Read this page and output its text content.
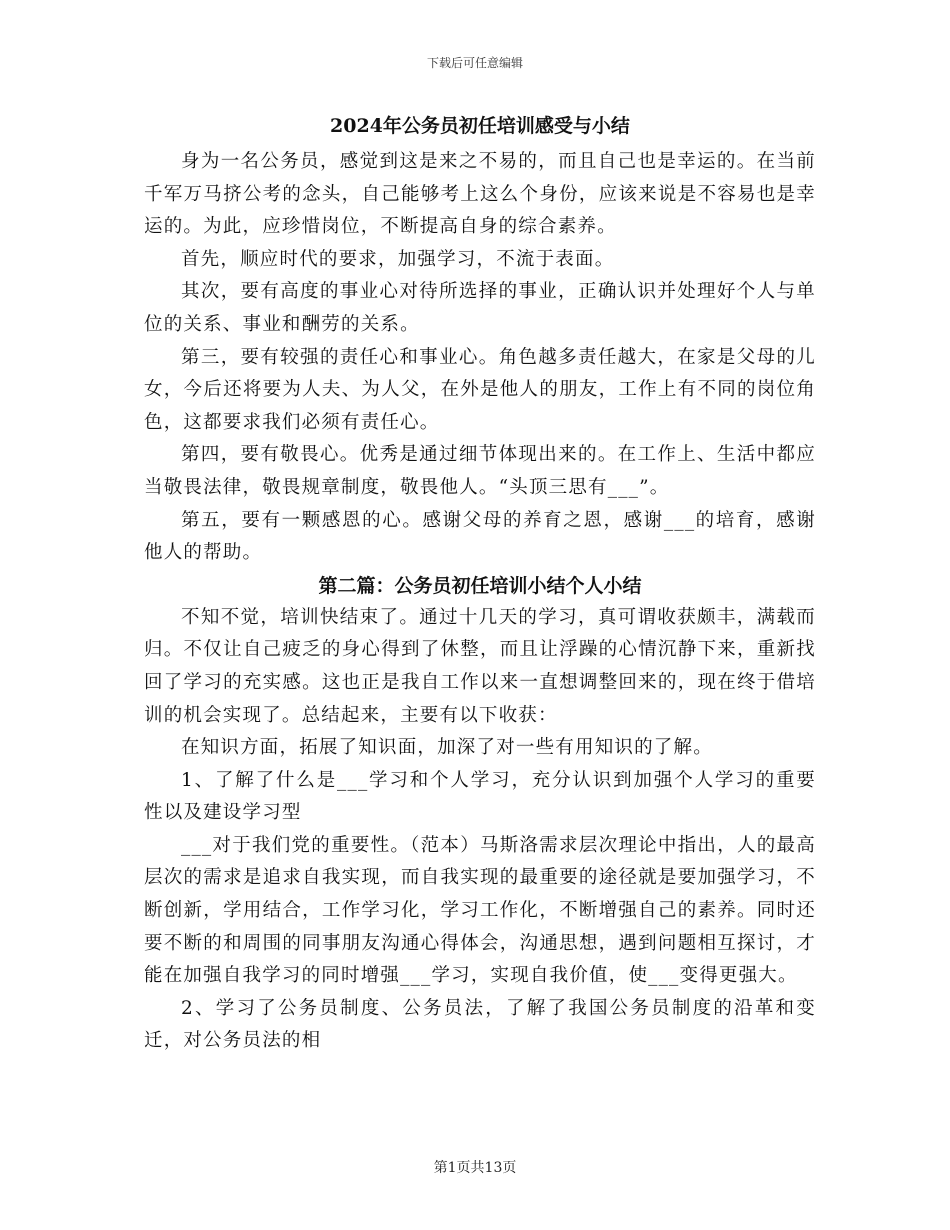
下载后可任意编辑
2024年公务员初任培训感受与小结

身为一名公务员，感觉到这是来之不易的，而且自己也是幸运的。在当前千军万马挤公考的念头，自己能够考上这么个身份，应该来说是不容易也是幸运的。为此，应珍惜岗位，不断提高自身的综合素养。

首先，顺应时代的要求，加强学习，不流于表面。

其次，要有高度的事业心对待所选择的事业，正确认识并处理好个人与单位的关系、事业和酬劳的关系。

第三，要有较强的责任心和事业心。角色越多责任越大，在家是父母的儿女，今后还将要为人夫、为人父，在外是他人的朋友，工作上有不同的岗位角色，这都要求我们必须有责任心。

第四，要有敬畏心。优秀是通过细节体现出来的。在工作上、生活中都应当敬畏法律，敬畏规章制度，敬畏他人。“头顶三思有___”。

第五，要有一颗感恩的心。感谢父母的养育之恩，感谢___的培育，感谢他人的帮助。

第二篇：公务员初任培训小结个人小结

不知不觉，培训快结束了。通过十几天的学习，真可谓收获颇丰，满载而归。不仅让自己疲乏的身心得到了休整，而且让浮躁的心情沉静下来，重新找回了学习的充实感。这也正是我自工作以来一直想调整回来的，现在终于借培训的机会实现了。总结起来，主要有以下收获：

在知识方面，拓展了知识面，加深了对一些有用知识的了解。

1、了解了什么是___学习和个人学习，充分认识到加强个人学习的重要性以及建设学习型

___对于我们党的重要性。（范本）马斯洛需求层次理论中指出，人的最高层次的需求是追求自我实现，而自我实现的最重要的途径就是要加强学习，不断创新，学用结合，工作学习化，学习工作化，不断增强自己的素养。同时还要不断的和周围的同事朋友沟通心得体会，沟通思想，遇到问题相互探讨，才能在加强自我学习的同时增强___学习，实现自我价值，使___变得更强大。

2、学习了公务员制度、公务员法，了解了我国公务员制度的沿革和变迁，对公务员法的相

第1页共13页
